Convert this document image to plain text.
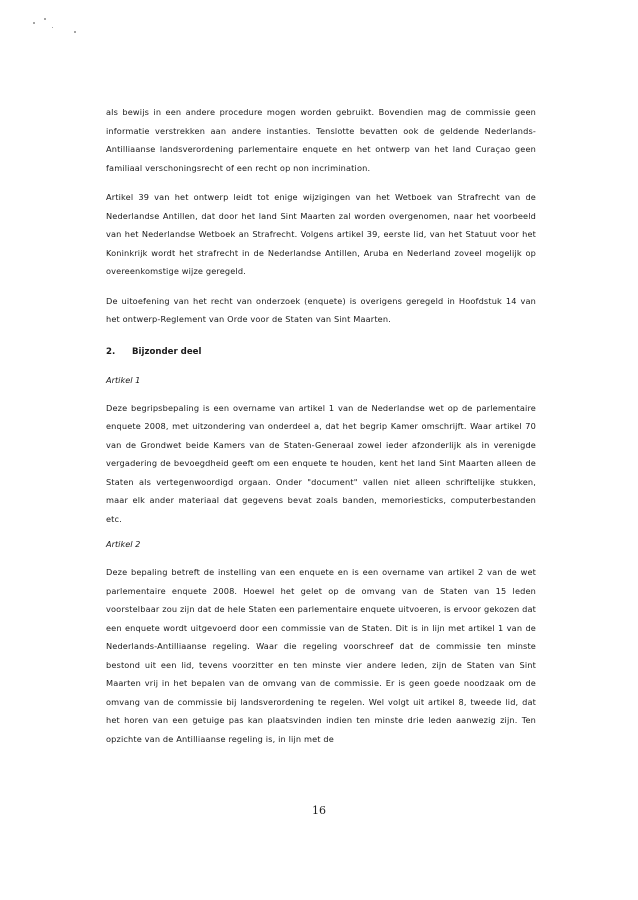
als bewijs in een andere procedure mogen worden gebruikt. Bovendien mag de commissie geen informatie verstrekken aan andere instanties. Tenslotte bevatten ook de geldende Nederlands-Antilliaanse landsverordening parlementaire enquete en het ontwerp van het land Curaçao geen familiaal verschoningsrecht of een recht op non incrimination.

Artikel 39 van het ontwerp leidt tot enige wijzigingen van het Wetboek van Strafrecht van de Nederlandse Antillen, dat door het land Sint Maarten zal worden overgenomen, naar het voorbeeld van het Nederlandse Wetboek an Strafrecht. Volgens artikel 39, eerste lid, van het Statuut voor het Koninkrijk wordt het strafrecht in de Nederlandse Antillen, Aruba en Nederland zoveel mogelijk op overeenkomstige wijze geregeld.

De uitoefening van het recht van onderzoek (enquete) is overigens geregeld in Hoofdstuk 14 van het ontwerp-Reglement van Orde voor de Staten van Sint Maarten.

2.	Bijzonder deel
Artikel 1

Deze begripsbepaling is een overname van artikel 1 van de Nederlandse wet op de parlementaire enquete 2008, met uitzondering van onderdeel a, dat het begrip Kamer omschrijft. Waar artikel 70 van de Grondwet beide Kamers van de Staten-Generaal zowel ieder afzonderlijk als in verenigde vergadering de bevoegdheid geeft om een enquete te houden, kent het land Sint Maarten alleen de Staten als vertegenwoordigd orgaan. Onder "document" vallen niet alleen schriftelijke stukken, maar elk ander materiaal dat gegevens bevat zoals banden, memoriesticks, computerbestanden etc.

Artikel 2

Deze bepaling betreft de instelling van een enquete en is een overname van artikel 2 van de wet parlementaire enquete 2008. Hoewel het gelet op de omvang van de Staten van 15 leden voorstelbaar zou zijn dat de hele Staten een parlementaire enquete uitvoeren, is ervoor gekozen dat een enquete wordt uitgevoerd door een commissie van de Staten. Dit is in lijn met artikel 1 van de Nederlands-Antilliaanse regeling. Waar die regeling voorschreef dat de commissie ten minste bestond uit een lid, tevens voorzitter en ten minste vier andere leden, zijn de Staten van Sint Maarten vrij in het bepalen van de omvang van de commissie. Er is geen goede noodzaak om de omvang van de commissie bij landsverordening te regelen. Wel volgt uit artikel 8, tweede lid, dat het horen van een getuige pas kan plaatsvinden indien ten minste drie leden aanwezig zijn. Ten opzichte van de Antilliaanse regeling is, in lijn met de

16
